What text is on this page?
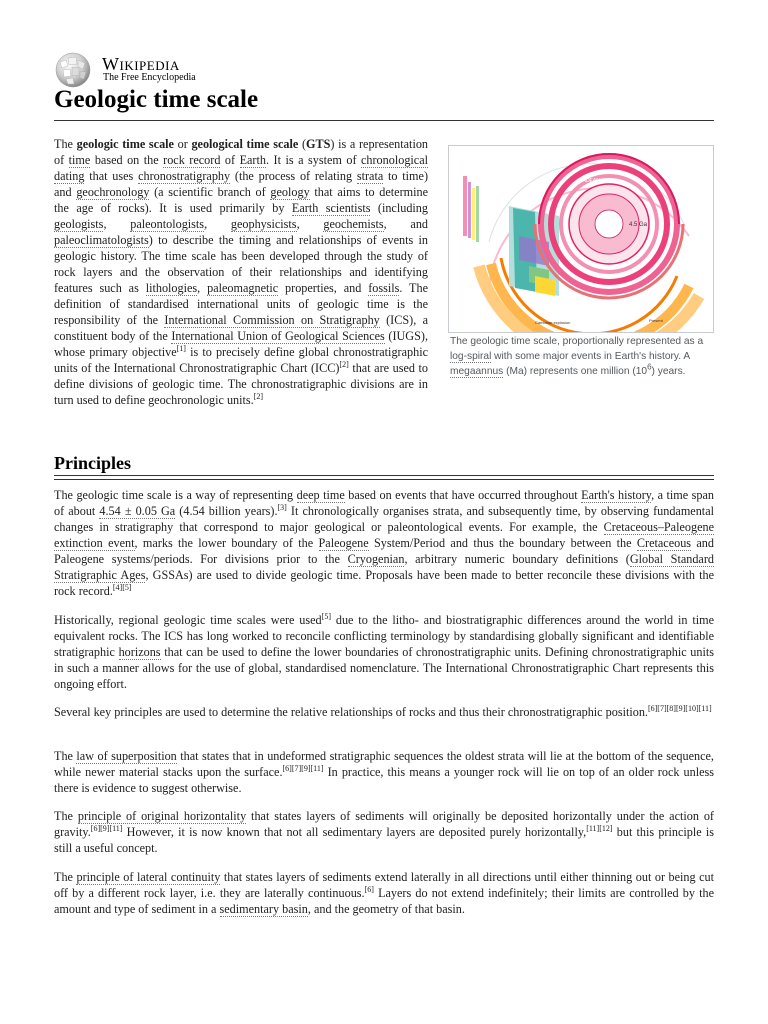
Wikipedia
The Free Encyclopedia
Geologic time scale

The geologic time scale or geological time scale (GTS) is a representation of time based on the rock record of Earth. It is a system of chronological dating that uses chronostratigraphy (the process of relating strata to time) and geochronology (a scientific branch of geology that aims to determine the age of rocks). It is used primarily by Earth scientists (including geologists, paleontologists, geophysicists, geochemists, and paleoclimatologists) to describe the timing and relationships of events in geologic history. The time scale has been developed through the study of rock layers and the observation of their relationships and identifying features such as lithologies, paleomagnetic properties, and fossils. The definition of standardised international units of geologic time is the responsibility of the International Commission on Stratigraphy (ICS), a constituent body of the International Union of Geological Sciences (IUGS), whose primary objective[1] is to precisely define global chronostratigraphic units of the International Chronostratigraphic Chart (ICC)[2] that are used to define divisions of geologic time. The chronostratigraphic divisions are in turn used to define geochronologic units.[2]

HADEAN
4.5 Ga
Present
Cambrian explosion
The geologic time scale, proportionally represented as a log-spiral with some major events in Earth's history. A megaannus (Ma) represents one million $(10^6)$ years.
Principles

The geologic time scale is a way of representing deep time based on events that have occurred throughout Earth's history, a time span of about 4.54 ± 0.05 Ga (4.54 billion years).[3] It chronologically organises strata, and subsequently time, by observing fundamental changes in stratigraphy that correspond to major geological or paleontological events. For example, the Cretaceous–Paleogene extinction event, marks the lower boundary of the Paleogene System/Period and thus the boundary between the Cretaceous and Paleogene systems/periods. For divisions prior to the Cryogenian, arbitrary numeric boundary definitions (Global Standard Stratigraphic Ages, GSSAs) are used to divide geologic time. Proposals have been made to better reconcile these divisions with the rock record.[4][5]

Historically, regional geologic time scales were used[5] due to the litho- and biostratigraphic differences around the world in time equivalent rocks. The ICS has long worked to reconcile conflicting terminology by standardising globally significant and identifiable stratigraphic horizons that can be used to define the lower boundaries of chronostratigraphic units. Defining chronostratigraphic units in such a manner allows for the use of global, standardised nomenclature. The International Chronostratigraphic Chart represents this ongoing effort.

Several key principles are used to determine the relative relationships of rocks and thus their chronostratigraphic position.[6][7][8][9][10][11]

The law of superposition that states that in undeformed stratigraphic sequences the oldest strata will lie at the bottom of the sequence, while newer material stacks upon the surface.[6][7][9][11] In practice, this means a younger rock will lie on top of an older rock unless there is evidence to suggest otherwise.

The principle of original horizontality that states layers of sediments will originally be deposited horizontally under the action of gravity.[6][9][11] However, it is now known that not all sedimentary layers are deposited purely horizontally,[11][12] but this principle is still a useful concept.

The principle of lateral continuity that states layers of sediments extend laterally in all directions until either thinning out or being cut off by a different rock layer, i.e. they are laterally continuous.[6] Layers do not extend indefinitely; their limits are controlled by the amount and type of sediment in a sedimentary basin, and the geometry of that basin.
